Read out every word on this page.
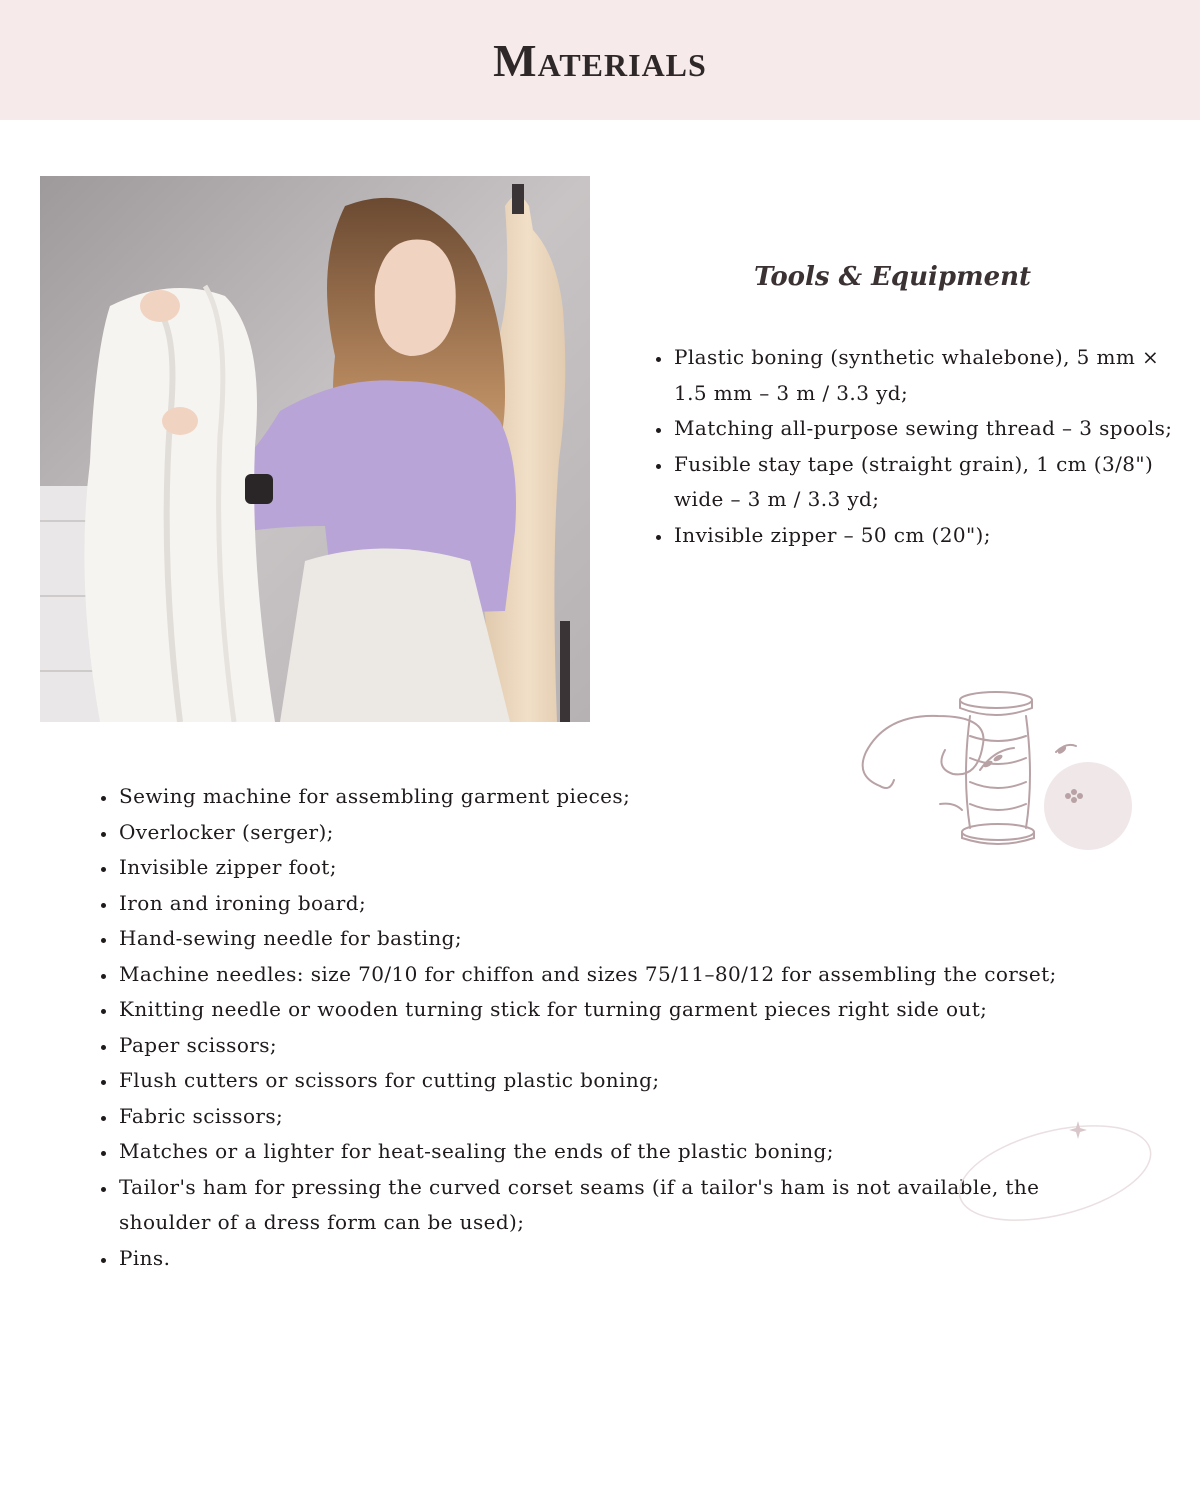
Materials
Tools & Equipment
• Plastic boning (synthetic whalebone), 5 mm × 1.5 mm – 3 m / 3.3 yd;
• Matching all-purpose sewing thread – 3 spools;
• Fusible stay tape (straight grain), 1 cm (3/8") wide – 3 m / 3.3 yd;
• Invisible zipper – 50 cm (20");
• Sewing machine for assembling garment pieces;
• Overlocker (serger);
• Invisible zipper foot;
• Iron and ironing board;
• Hand-sewing needle for basting;
• Machine needles: size 70/10 for chiffon and sizes 75/11–80/12 for assembling the corset;
• Knitting needle or wooden turning stick for turning garment pieces right side out;
• Paper scissors;
• Flush cutters or scissors for cutting plastic boning;
• Fabric scissors;
• Matches or a lighter for heat-sealing the ends of the plastic boning;
• Tailor's ham for pressing the curved corset seams (if a tailor's ham is not available, the shoulder of a dress form can be used);
• Pins.
